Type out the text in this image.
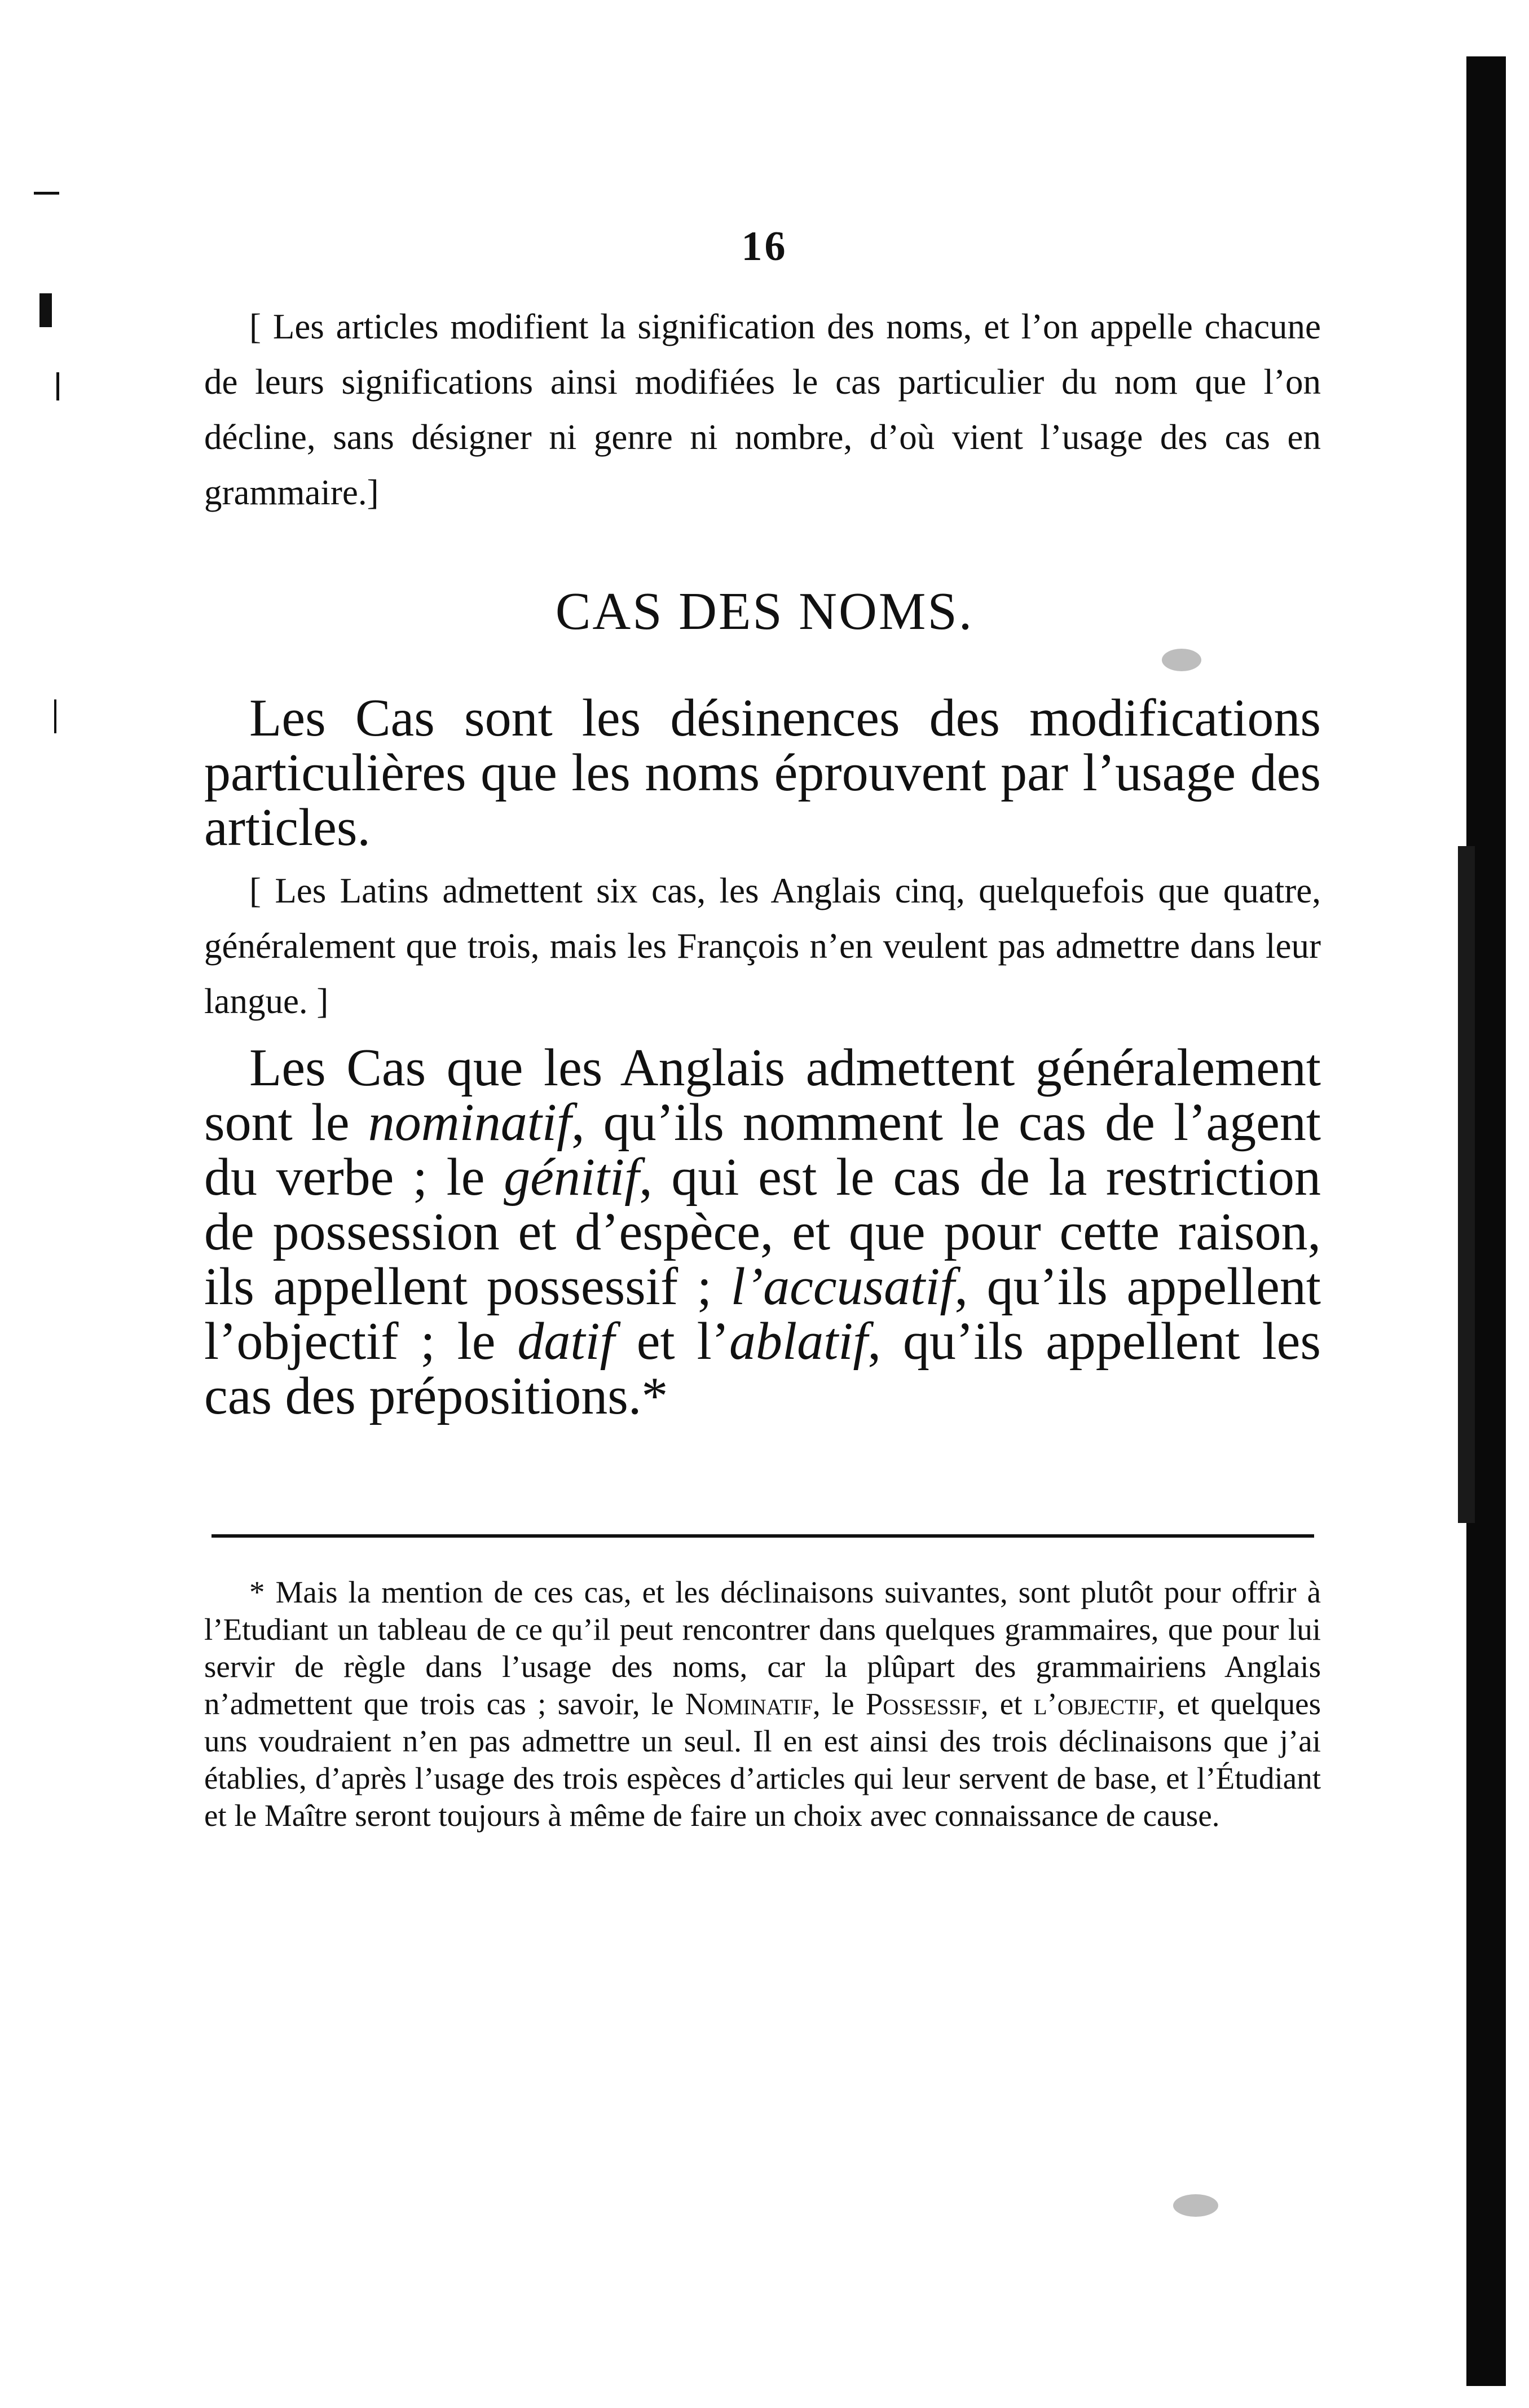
16

[ Les articles modifient la signification des noms, et l’on appelle chacune de leurs significations ainsi modifiées le cas particulier du nom que l’on décline, sans désigner ni genre ni nombre, d’où vient l’usage des cas en grammaire.]

CAS DES NOMS.

Les Cas sont les désinences des modifications particulières que les noms éprouvent par l’usage des articles.

[ Les Latins admettent six cas, les Anglais cinq, quelquefois que quatre, généralement que trois, mais les François n’en veulent pas admettre dans leur langue. ]

Les Cas que les Anglais admettent généralement sont le nominatif, qu’ils nomment le cas de l’agent du verbe ; le génitif, qui est le cas de la restriction de possession et d’espèce, et que pour cette raison, ils appellent possessif ; l’accusatif, qu’ils appellent l’objectif ; le datif et l’ablatif, qu’ils appellent les cas des prépositions.*

* Mais la mention de ces cas, et les déclinaisons suivantes, sont plutôt pour offrir à l’Etudiant un tableau de ce qu’il peut rencontrer dans quelques grammaires, que pour lui servir de règle dans l’usage des noms, car la plûpart des grammairiens Anglais n’admettent que trois cas ; savoir, le Nominatif, le Possessif, et l’objectif, et quelques uns voudraient n’en pas admettre un seul. Il en est ainsi des trois déclinaisons que j’ai établies, d’après l’usage des trois espèces d’articles qui leur servent de base, et l’Étudiant et le Maître seront toujours à même de faire un choix avec connaissance de cause.
